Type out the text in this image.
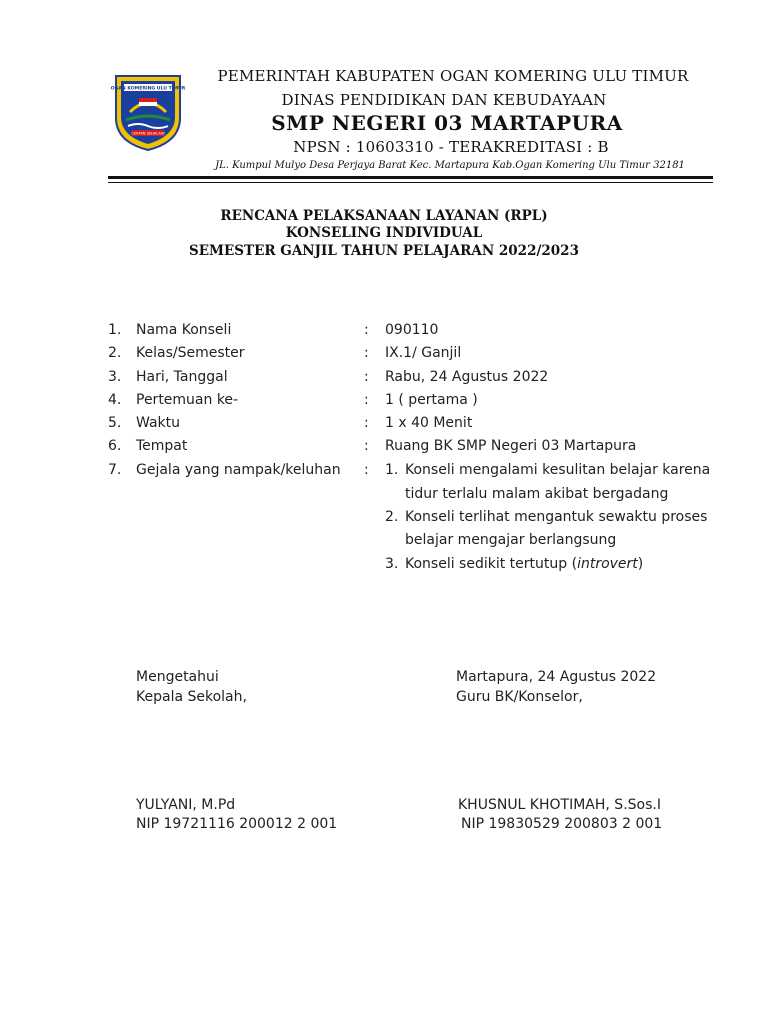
OGAN KOMERING ULU TIMUR
CERMIN SEHALANI
PEMERINTAH KABUPATEN OGAN KOMERING ULU TIMUR
DINAS PENDIDIKAN DAN KEBUDAYAAN
SMP NEGERI 03 MARTAPURA
NPSN : 10603310 - TERAKREDITASI : B
JL. Kumpul Mulyo Desa Perjaya Barat Kec. Martapura Kab.Ogan Komering Ulu Timur 32181
RENCANA PELAKSANAAN LAYANAN (RPL)
KONSELING INDIVIDUAL
SEMESTER GANJIL TAHUN PELAJARAN 2022/2023
1. Nama Konseli	: 090110
2. Kelas/Semester	: IX.1/ Ganjil
3. Hari, Tanggal	: Rabu, 24 Agustus 2022
4. Pertemuan ke-	: 1 ( pertama )
5. Waktu	: 1 x 40 Menit
6. Tempat	: Ruang BK SMP Negeri 03 Martapura
7. Gejala yang nampak/keluhan : 1. Konseli mengalami kesulitan belajar karena
tidur terlalu malam akibat bergadang
2. Konseli terlihat mengantuk sewaktu proses
belajar mengajar berlangsung
3. Konseli sedikit tertutup (introvert)
Mengetahui
Kepala Sekolah,
YULYANI, M.Pd
NIP 19721116 200012 2 001
Martapura, 24 Agustus 2022
Guru BK/Konselor,
KHUSNUL KHOTIMAH, S.Sos.I
NIP 19830529 200803 2 001
